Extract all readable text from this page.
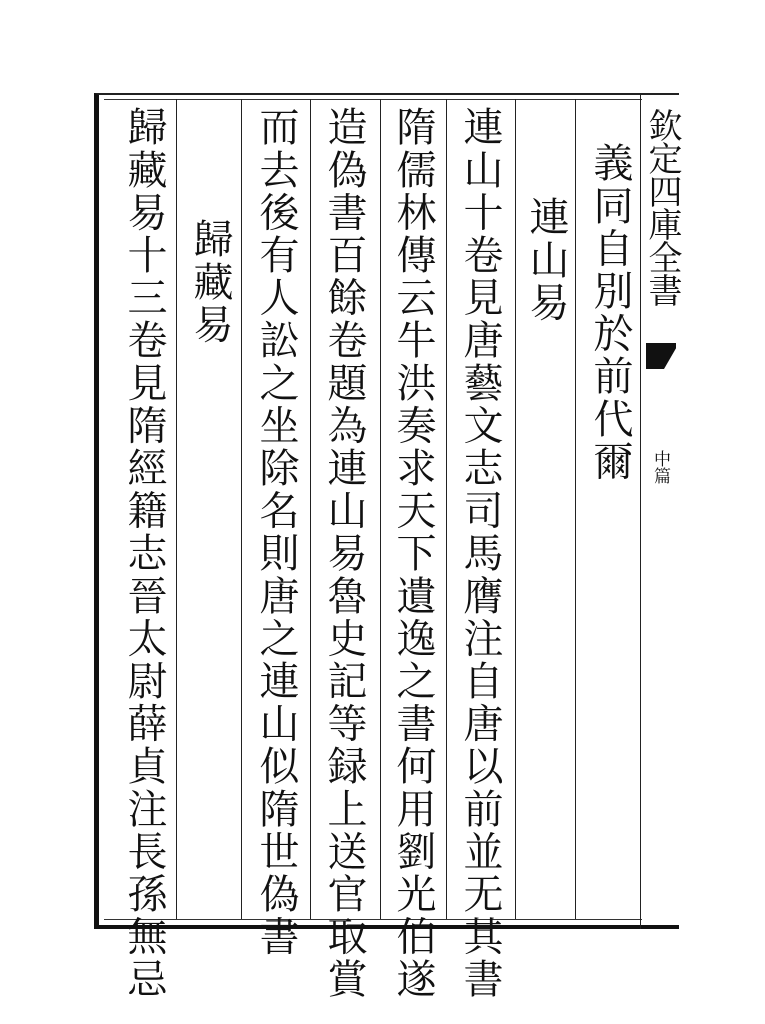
欽定四庫全書
中篇
義同自別於前代爾
連山易
連山十卷見唐藝文志司馬膺注自唐以前並无其書
隋儒林傳云牛洪奏求天下遺逸之書何用劉光伯遂
造偽書百餘卷題為連山易魯史記等録上送官取賞
而去後有人訟之坐除名則唐之連山似隋世偽書
歸藏易
歸藏易十三卷見隋經籍志晉太尉薛貞注長孫無忌
